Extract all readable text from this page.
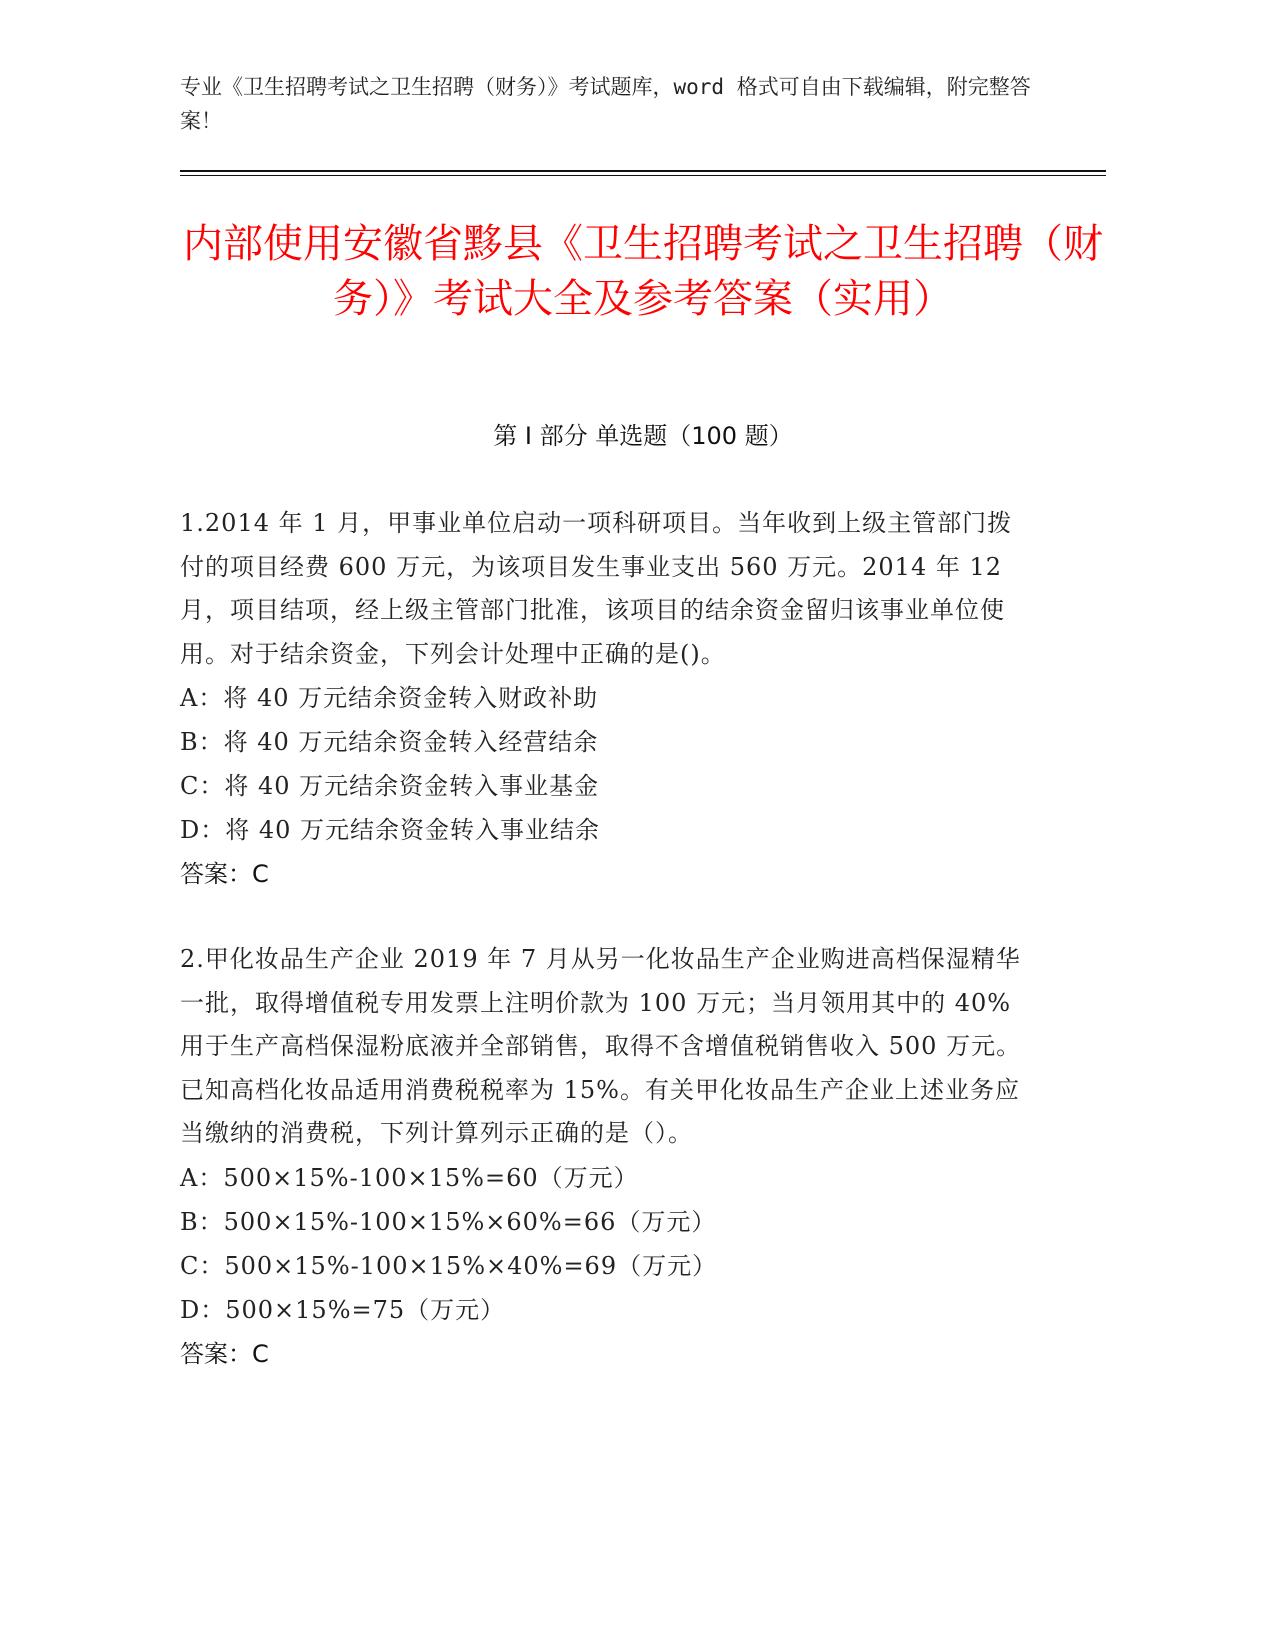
专业《卫生招聘考试之卫生招聘（财务）》考试题库，word 格式可自由下载编辑，附完整答案！
内部使用安徽省黟县《卫生招聘考试之卫生招聘（财务）》考试大全及参考答案（实用）
第 I 部分 单选题（100 题）
1.2014 年 1 月，甲事业单位启动一项科研项目。当年收到上级主管部门拨付的项目经费 600 万元，为该项目发生事业支出 560 万元。2014 年 12 月，项目结项，经上级主管部门批准，该项目的结余资金留归该事业单位使用。对于结余资金，下列会计处理中正确的是()。
A：将 40 万元结余资金转入财政补助
B：将 40 万元结余资金转入经营结余
C：将 40 万元结余资金转入事业基金
D：将 40 万元结余资金转入事业结余
答案：C
2.甲化妆品生产企业 2019 年 7 月从另一化妆品生产企业购进高档保湿精华一批，取得增值税专用发票上注明价款为 100 万元；当月领用其中的 40%用于生产高档保湿粉底液并全部销售，取得不含增值税销售收入 500 万元。已知高档化妆品适用消费税税率为 15%。有关甲化妆品生产企业上述业务应当缴纳的消费税，下列计算列示正确的是（）。
A：500×15%-100×15%=60（万元）
B：500×15%-100×15%×60%=66（万元）
C：500×15%-100×15%×40%=69（万元）
D：500×15%=75（万元）
答案：C
